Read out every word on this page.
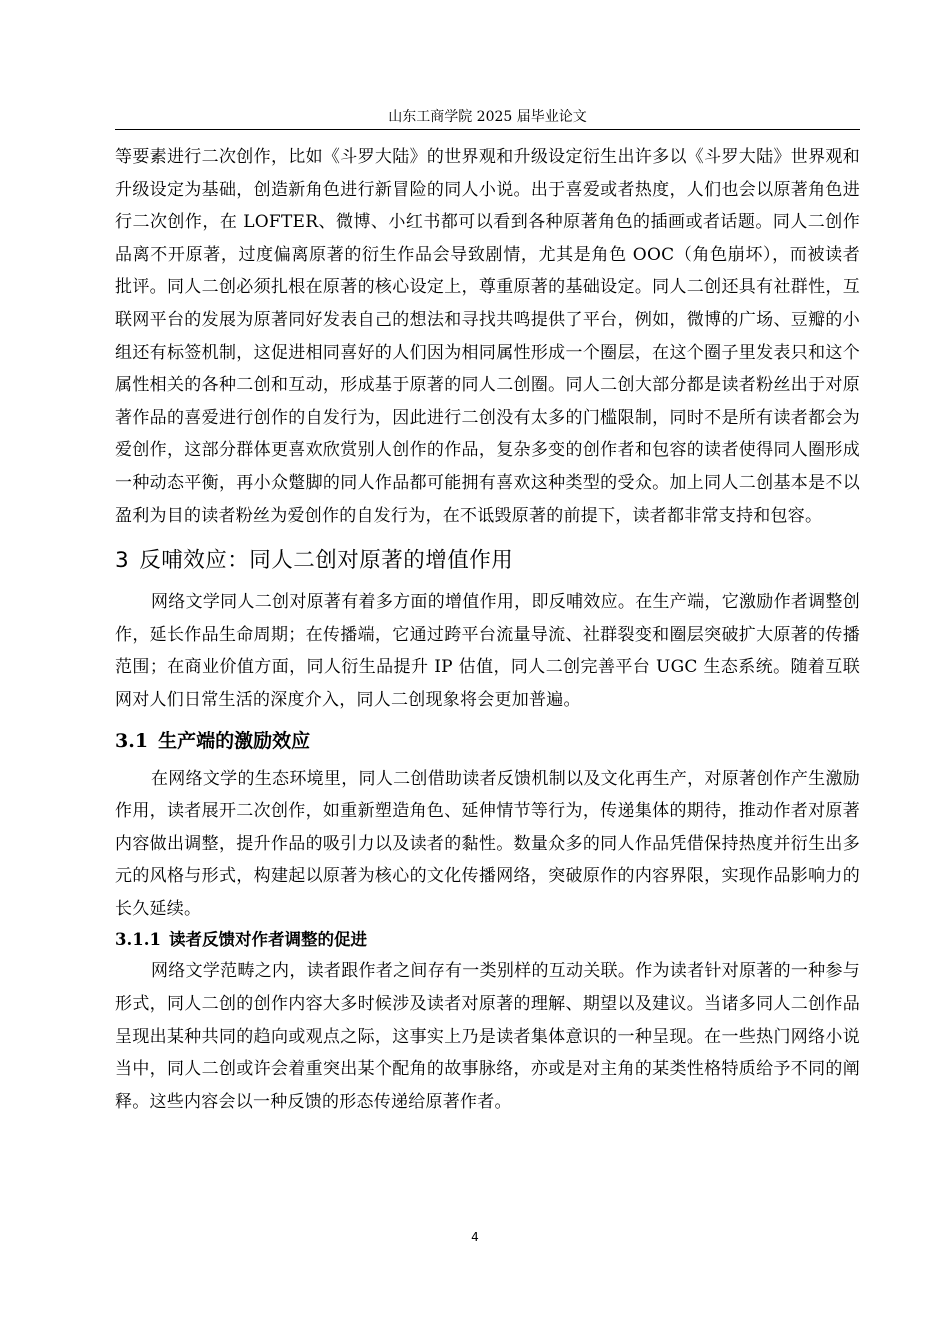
山东工商学院 2025 届毕业论文

等要素进行二次创作，比如《斗罗大陆》的世界观和升级设定衍生出许多以《斗罗大陆》世界观和升级设定为基础，创造新角色进行新冒险的同人小说。出于喜爱或者热度，人们也会以原著角色进行二次创作，在 LOFTER、微博、小红书都可以看到各种原著角色的插画或者话题。同人二创作品离不开原著，过度偏离原著的衍生作品会导致剧情，尤其是角色 OOC（角色崩坏），而被读者批评。同人二创必须扎根在原著的核心设定上，尊重原著的基础设定。同人二创还具有社群性，互联网平台的发展为原著同好发表自己的想法和寻找共鸣提供了平台，例如，微博的广场、豆瓣的小组还有标签机制，这促进相同喜好的人们因为相同属性形成一个圈层，在这个圈子里发表只和这个属性相关的各种二创和互动，形成基于原著的同人二创圈。同人二创大部分都是读者粉丝出于对原著作品的喜爱进行创作的自发行为，因此进行二创没有太多的门槛限制，同时不是所有读者都会为爱创作，这部分群体更喜欢欣赏别人创作的作品，复杂多变的创作者和包容的读者使得同人圈形成一种动态平衡，再小众蹩脚的同人作品都可能拥有喜欢这种类型的受众。加上同人二创基本是不以盈利为目的读者粉丝为爱创作的自发行为，在不诋毁原著的前提下，读者都非常支持和包容。

3 反哺效应：同人二创对原著的增值作用

网络文学同人二创对原著有着多方面的增值作用，即反哺效应。在生产端，它激励作者调整创作，延长作品生命周期；在传播端，它通过跨平台流量导流、社群裂变和圈层突破扩大原著的传播范围；在商业价值方面，同人衍生品提升 IP 估值，同人二创完善平台 UGC 生态系统。随着互联网对人们日常生活的深度介入，同人二创现象将会更加普遍。

3.1 生产端的激励效应

在网络文学的生态环境里，同人二创借助读者反馈机制以及文化再生产，对原著创作产生激励作用，读者展开二次创作，如重新塑造角色、延伸情节等行为，传递集体的期待，推动作者对原著内容做出调整，提升作品的吸引力以及读者的黏性。数量众多的同人作品凭借保持热度并衍生出多元的风格与形式，构建起以原著为核心的文化传播网络，突破原作的内容界限，实现作品影响力的长久延续。

3.1.1 读者反馈对作者调整的促进

网络文学范畴之内，读者跟作者之间存有一类别样的互动关联。作为读者针对原著的一种参与形式，同人二创的创作内容大多时候涉及读者对原著的理解、期望以及建议。当诸多同人二创作品呈现出某种共同的趋向或观点之际，这事实上乃是读者集体意识的一种呈现。在一些热门网络小说当中，同人二创或许会着重突出某个配角的故事脉络，亦或是对主角的某类性格特质给予不同的阐释。这些内容会以一种反馈的形态传递给原著作者。

4
